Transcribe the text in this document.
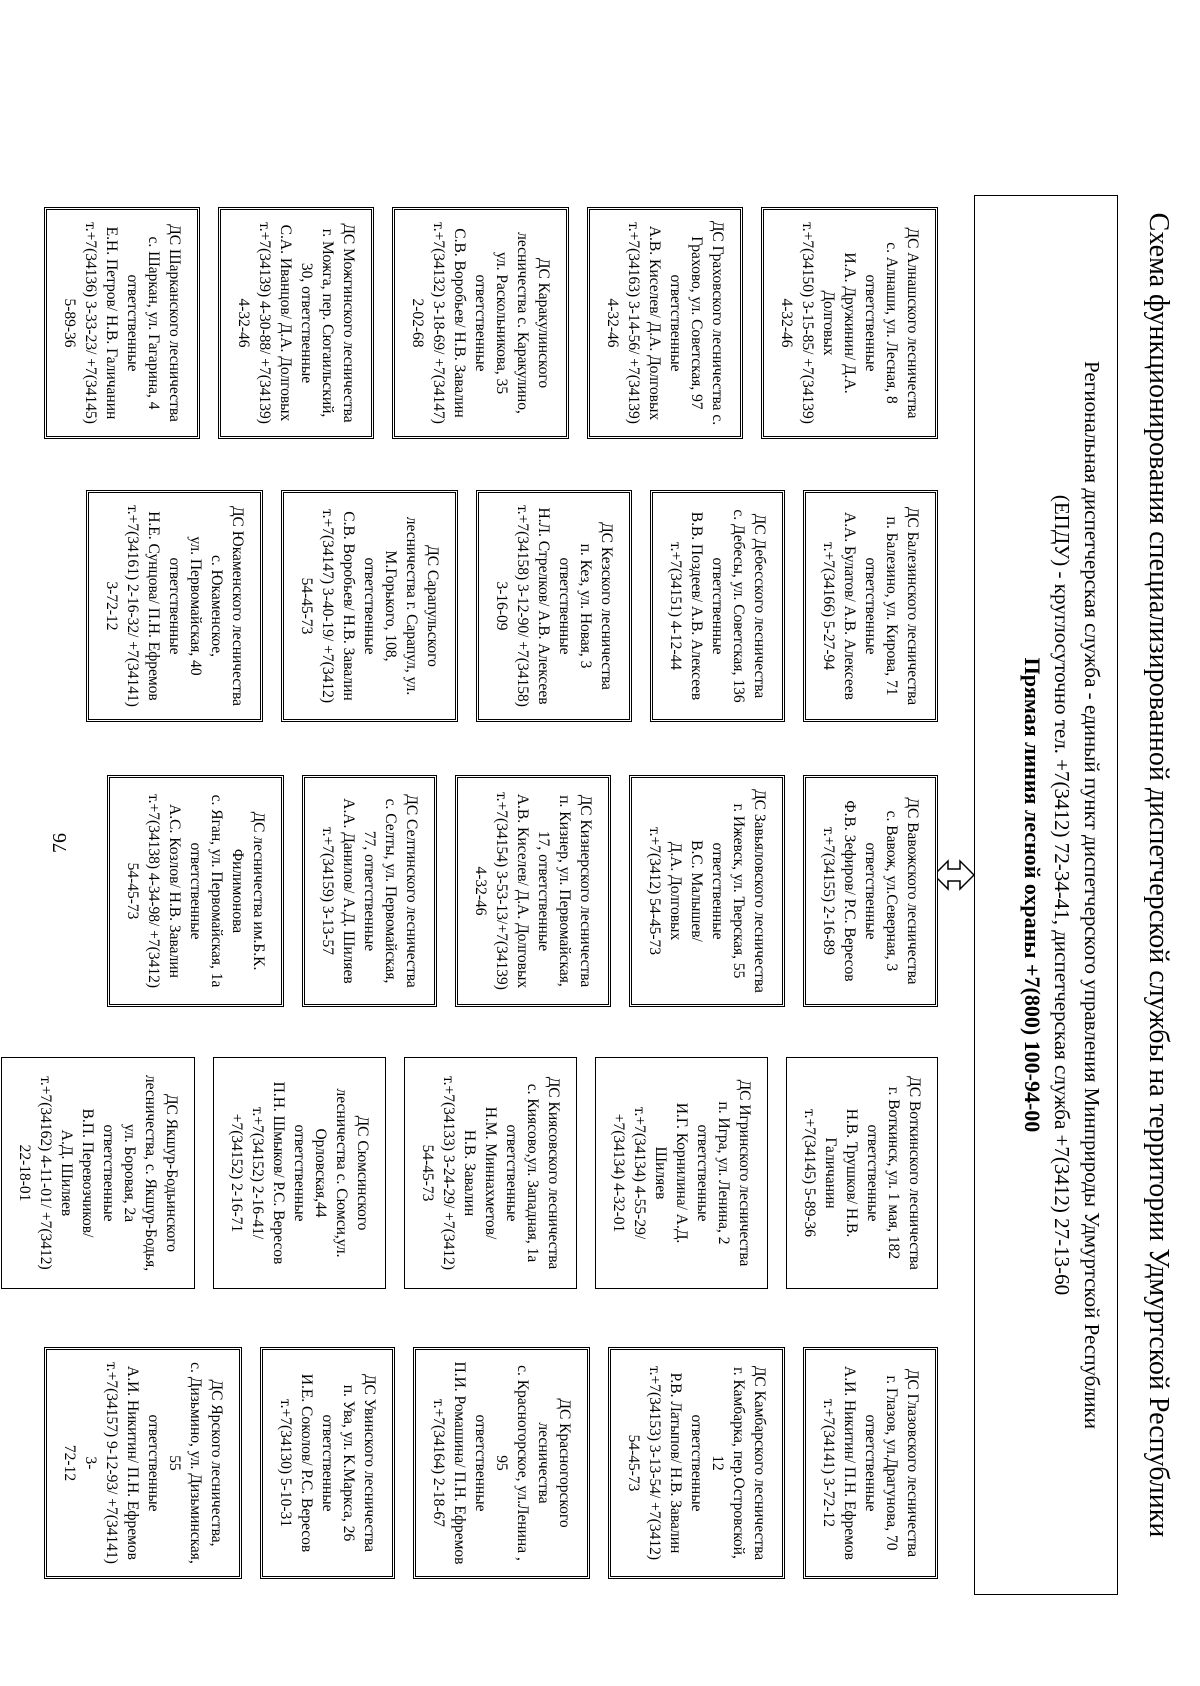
76	Схема функционирования специализированной диспетчерской службы на территории Удмуртской Республики
Региональная диспетчерская служба - единый пункт диспетчерского управления Минприроды Удмуртской Республики
(ЕПДУ) - круглосуточно тел. +7(3412) 72-34-41, диспетчерская служба +7(3412) 27-13-60
Прямая линия лесной охраны +7(800) 100-94-00
ДС Алнашского лесничества
с. Алнаши, ул. Лесная, 8
ответственные
И.А. Дружинин/ Д.А.
Долговых
т.+7(34150) 3-15-85/ +7(34139)
4-32-46
ДС Граховского лесничества с.
Грахово, ул. Советская, 97
ответственные
А.В. Киселев/ Д.А. Долговых
т.+7(34163) 3-14-56/ +7(34139)
4-32-46
ДС Каракулинского
лесничества с. Каракулино,
ул. Раскольникова, 35
ответственные
С.В. Воробьев/ Н.В. Завалин
т.+7(34132) 3-18-69/ +7(34147)
2-02-68
ДС Можгинского лесничества
г. Можга, пер. Сюгаильский,
30, ответственные
С.А. Иванцов/ Д.А. Долговых
т.+7(34139) 4-30-88/ +7(34139)
4-32-46
ДС Шарканского лесничества
с. Шаркан, ул. Гагарина, 4
ответственные
Е.Н. Петров/ Н.В. Галичанин
т.+7(34136) 3-33-23/ +7(34145)
5-89-36
ДС Балезинского лесничества
п. Балезино, ул. Кирова, 71
ответственные
А.А. Булатов/ А.В. Алексеев
т.+7(34166) 5-27-94
ДС Дебесского лесничества
с. Дебесы, ул. Советская, 136
ответственные
В.В. Поздеев/ А.В. Алексеев
т.+7(34151) 4-12-44
ДС Кезского лесничества
п. Кез, ул. Новая, 3
ответственные
Н.Л. Стрелков/ А.В. Алексеев
т.+7(34158) 3-12-90/ +7(34158)
3-16-09
ДС Сарапульского
лесничества г. Сарапул, ул.
М.Горького, 108,
ответственные
С.В. Воробьев/ Н.В. Завалин
т.+7(34147) 3-40-19/ +7(3412)
54-45-73
ДС Юкаменского лесничества
с. Юкаменское,
ул. Первомайская, 40
ответственные
Н.Е. Сунцова/ П.Н. Ефремов
т.+7(34161) 2-16-32/ +7(34141)
3-72-12
ДС Вавожского лесничества
с. Вавож, ул.Северная, 3
ответственные
Ф.В. Зефиров/ Р.С. Вересов
т.+7(34155) 2-16-89
ДС Завьяловского лесничества
г. Ижевск, ул. Тверская, 55
ответственные
В.С. Малышев/
Д.А. Долговых
т.+7(3412) 54-45-73
ДС Кизнерского лесничества
п. Кизнер, ул. Первомайская,
17, ответственные
А.В. Киселев/ Д.А. Долговых
т.+7(34154) 3-53-13/+7(34139)
4-32-46
ДС Селтинского лесничества
с. Селты, ул. Первомайская,
77, ответственные
А.А. Данилов/ А.Д. Шиляев
т.+7(34159) 3-13-57
ДС лесничества им.Б.К.
Филимонова
с. Яган, ул. Первомайская, 1а
ответственные
А.С. Козлов/ Н.В. Завалин
т.+7(34138) 4-34-98/ +7(3412)
54-45-73
ДС Воткинского лесничества
г. Воткинск, ул. 1 мая, 182
ответственные
Н.В. Трушков/ Н.В.
Галичанин
т.+7(34145) 5-89-36
ДС Игринского лесничества
п. Игра, ул. Ленина, 2
ответственные
И.Г. Корнилина/ А.Д.
Шиляев
т.+7(34134) 4-55-29/
+7(34134) 4-32-01
ДС Киясовского лесничества
с. Киясово,ул. Западная, 1а
ответственные
Н.М. Миннахметов/
Н.В. Завалин
т.+7(34133) 3-24-29/ +7(3412)
54-45-73
ДС Сюмсинского
лесничества с. Сюмси,ул.
Орловская,44
ответственные
П.Н. Шмыков/ Р.С. Вересов
т.+7(34152) 2-16-41/
+7(34152) 2-16-71
ДС Якшур-Бодьинского
лесничества, с. Якшур-Бодья,
ул. Боровая, 2а
ответственные
В.П. Перевозчиков/
А.Д. Шиляев
т.+7(34162) 4-11-01/ +7(3412)
22-18-01
ДС Глазовского лесничества
г. Глазов, ул.Драгунова, 70
ответственные
А.И. Никитин/ П.Н. Ефремов
т.+7(34141) 3-72-12
ДС Камбарского лесничества
г. Камбарка, пер.Островской, 12
ответственные
Р.В. Латыпов/ Н.В. Завалин
т.+7(34153) 3-13-54/ +7(3412)
54-45-73
ДС Красногорского лесничества
с. Красногорское, ул.Ленина , 95
ответственные
П.И. Ромашина/ П.Н. Ефремов
т.+7(34164) 2-18-67
ДС Увинского лесничества
п. Ува, ул. К.Маркса, 26
ответственные
И.Е. Соколов/ Р.С. Вересов
т.+7(34130) 5-10-31
ДС Ярского лесничества,
с. Дизьмино, ул. Дизьминская, 55
ответственные
А.И. Никитин/ П.Н. Ефремов
т.+7(34157) 9-12-93/ +7(34141) 3-
72-12
